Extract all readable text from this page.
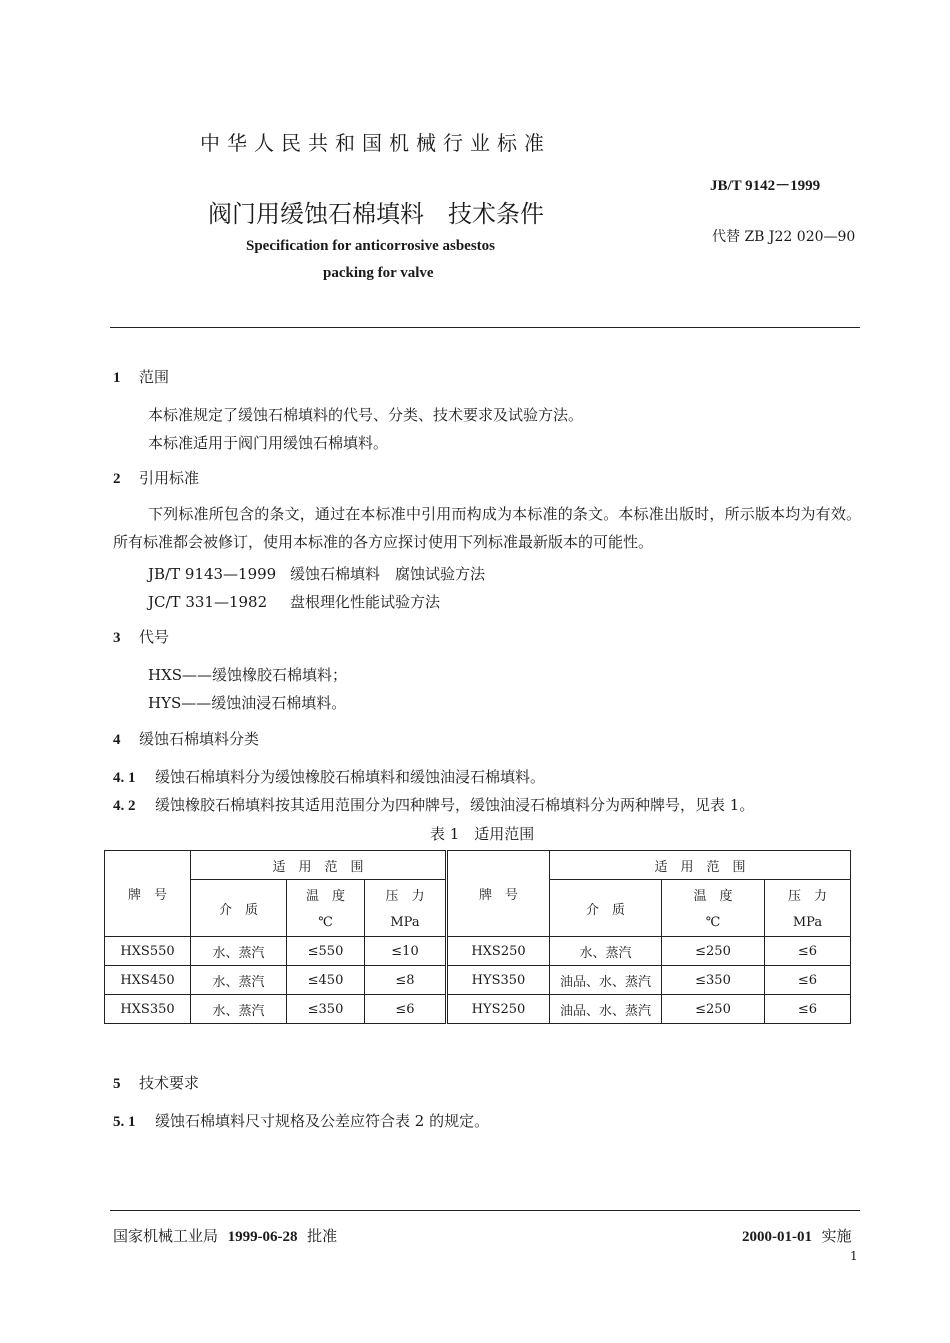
中华人民共和国机械行业标准
JB/T 9142－1999
阀门用缓蚀石棉填料　技术条件
代替 ZB J22 020—90
Specification for anticorrosive asbestos
packing for valve
1 范围
本标准规定了缓蚀石棉填料的代号、分类、技术要求及试验方法。
本标准适用于阀门用缓蚀石棉填料。
2 引用标准
下列标准所包含的条文，通过在本标准中引用而构成为本标准的条文。本标准出版时，所示版本均为有效。所有标准都会被修订，使用本标准的各方应探讨使用下列标准最新版本的可能性。
JB/T 9143—1999 缓蚀石棉填料　腐蚀试验方法
JC/T 331—1982 盘根理化性能试验方法
3 代号
HXS——缓蚀橡胶石棉填料；
HYS——缓蚀油浸石棉填料。
4 缓蚀石棉填料分类
4. 1 缓蚀石棉填料分为缓蚀橡胶石棉填料和缓蚀油浸石棉填料。
4. 2 缓蚀橡胶石棉填料按其适用范围分为四种牌号，缓蚀油浸石棉填料分为两种牌号，见表 1。
表 1　适用范围
牌　号	适　用　范　围			牌　号	适　用　范　围		
	介　质	温　度	压　力		介　质	温　度	压　力
		℃	MPa			℃	MPa
HXS550	水、蒸汽	≤550	≤10	HXS250	水、蒸汽	≤250	≤6
HXS450	水、蒸汽	≤450	≤8	HYS350	油品、水、蒸汽	≤350	≤6
HXS350	水、蒸汽	≤350	≤6	HYS250	油品、水、蒸汽	≤250	≤6
5 技术要求
5. 1 缓蚀石棉填料尺寸规格及公差应符合表 2 的规定。
国家机械工业局 1999-06-28 批准	2000-01-01 实施
1
